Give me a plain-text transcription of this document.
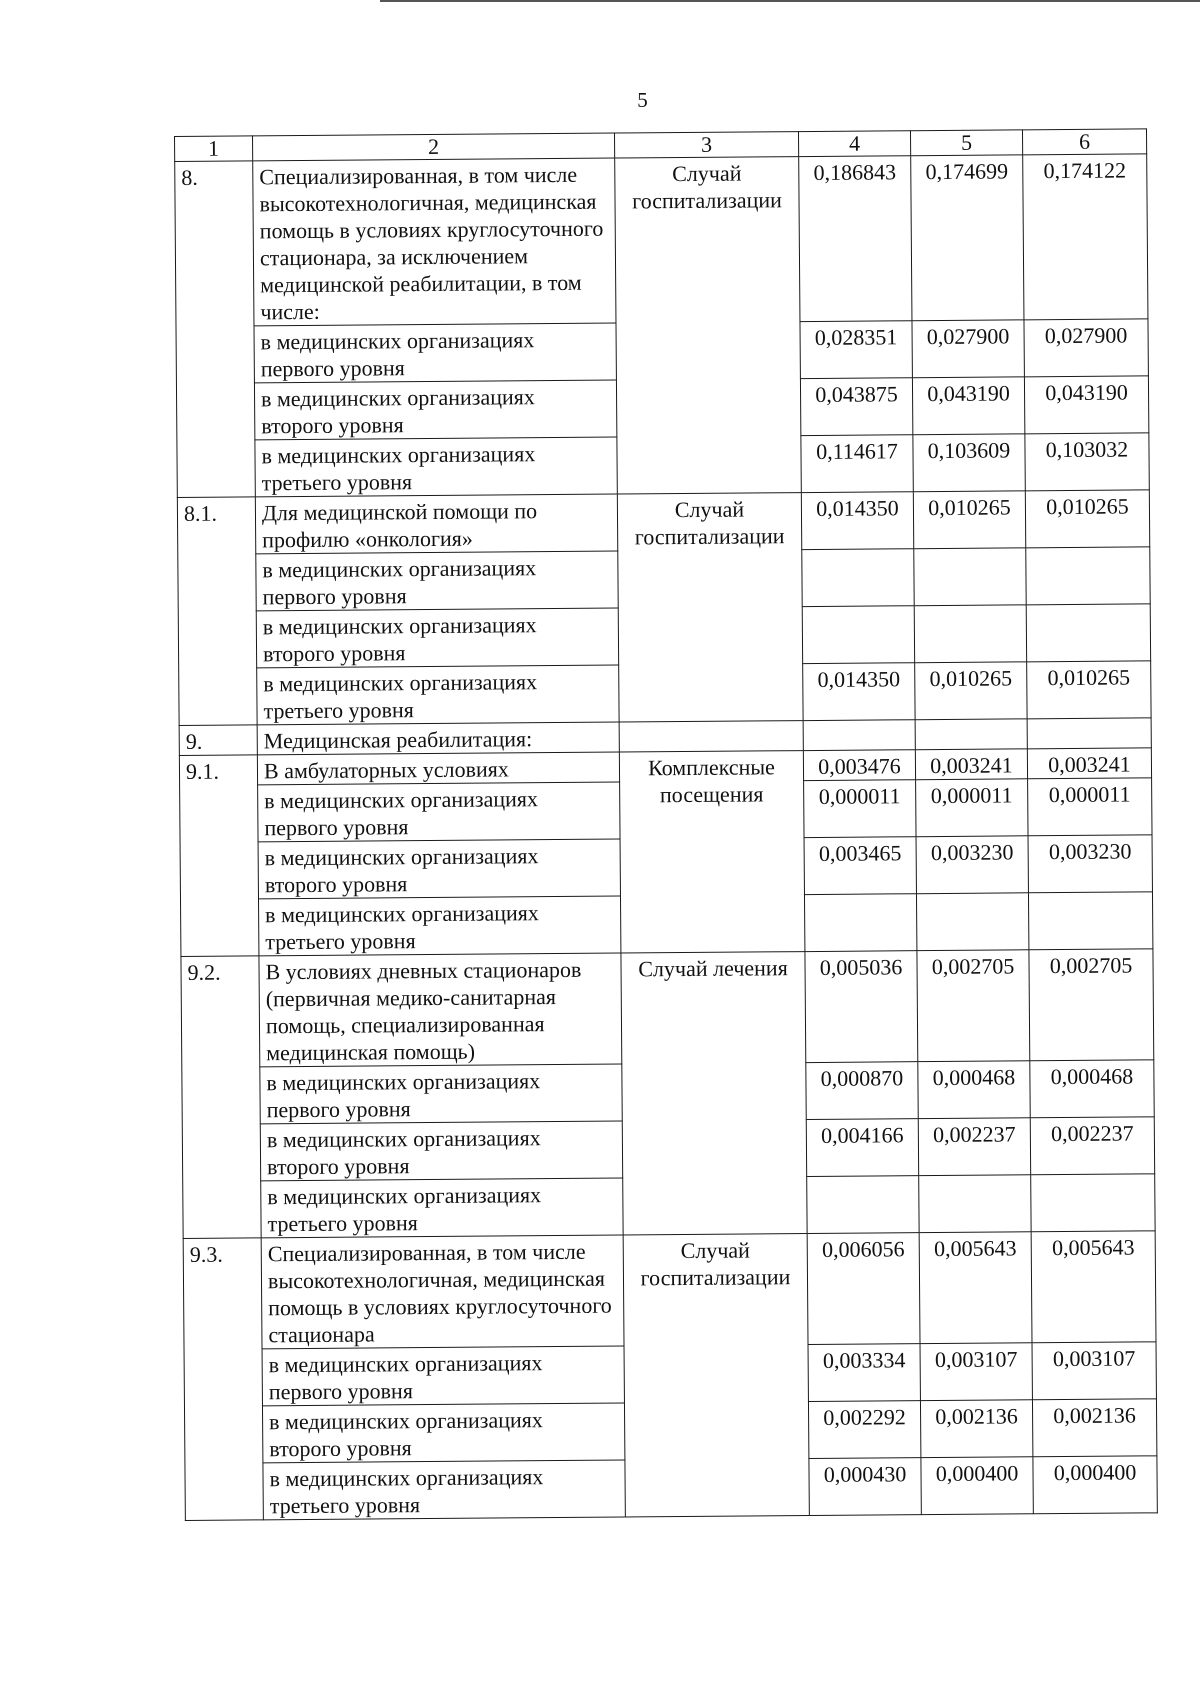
5
1	2	3	4	5	6
8.	Специализированная, в том числе высокотехнологичная, медицинская помощь в условиях круглосуточного стационара, за исключением медицинской реабилитации, в том числе:	Случай госпитализации	0,186843	0,174699	0,174122
	в медицинских организациях первого уровня		0,028351	0,027900	0,027900
	в медицинских организациях второго уровня		0,043875	0,043190	0,043190
	в медицинских организациях третьего уровня		0,114617	0,103609	0,103032
8.1.	Для медицинской помощи по профилю «онкология»	Случай госпитализации	0,014350	0,010265	0,010265
	в медицинских организациях первого уровня				
	в медицинских организациях второго уровня				
	в медицинских организациях третьего уровня		0,014350	0,010265	0,010265
9.	Медицинская реабилитация:				
9.1.	В амбулаторных условиях	Комплексные посещения	0,003476	0,003241	0,003241
	в медицинских организациях первого уровня		0,000011	0,000011	0,000011
	в медицинских организациях второго уровня		0,003465	0,003230	0,003230
	в медицинских организациях третьего уровня				
9.2.	В условиях дневных стационаров (первичная медико-санитарная помощь, специализированная медицинская помощь)	Случай лечения	0,005036	0,002705	0,002705
	в медицинских организациях первого уровня		0,000870	0,000468	0,000468
	в медицинских организациях второго уровня		0,004166	0,002237	0,002237
	в медицинских организациях третьего уровня				
9.3.	Специализированная, в том числе высокотехнологичная, медицинская помощь в условиях круглосуточного стационара	Случай госпитализации	0,006056	0,005643	0,005643
	в медицинских организациях первого уровня		0,003334	0,003107	0,003107
	в медицинских организациях второго уровня		0,002292	0,002136	0,002136
	в медицинских организациях третьего уровня		0,000430	0,000400	0,000400
